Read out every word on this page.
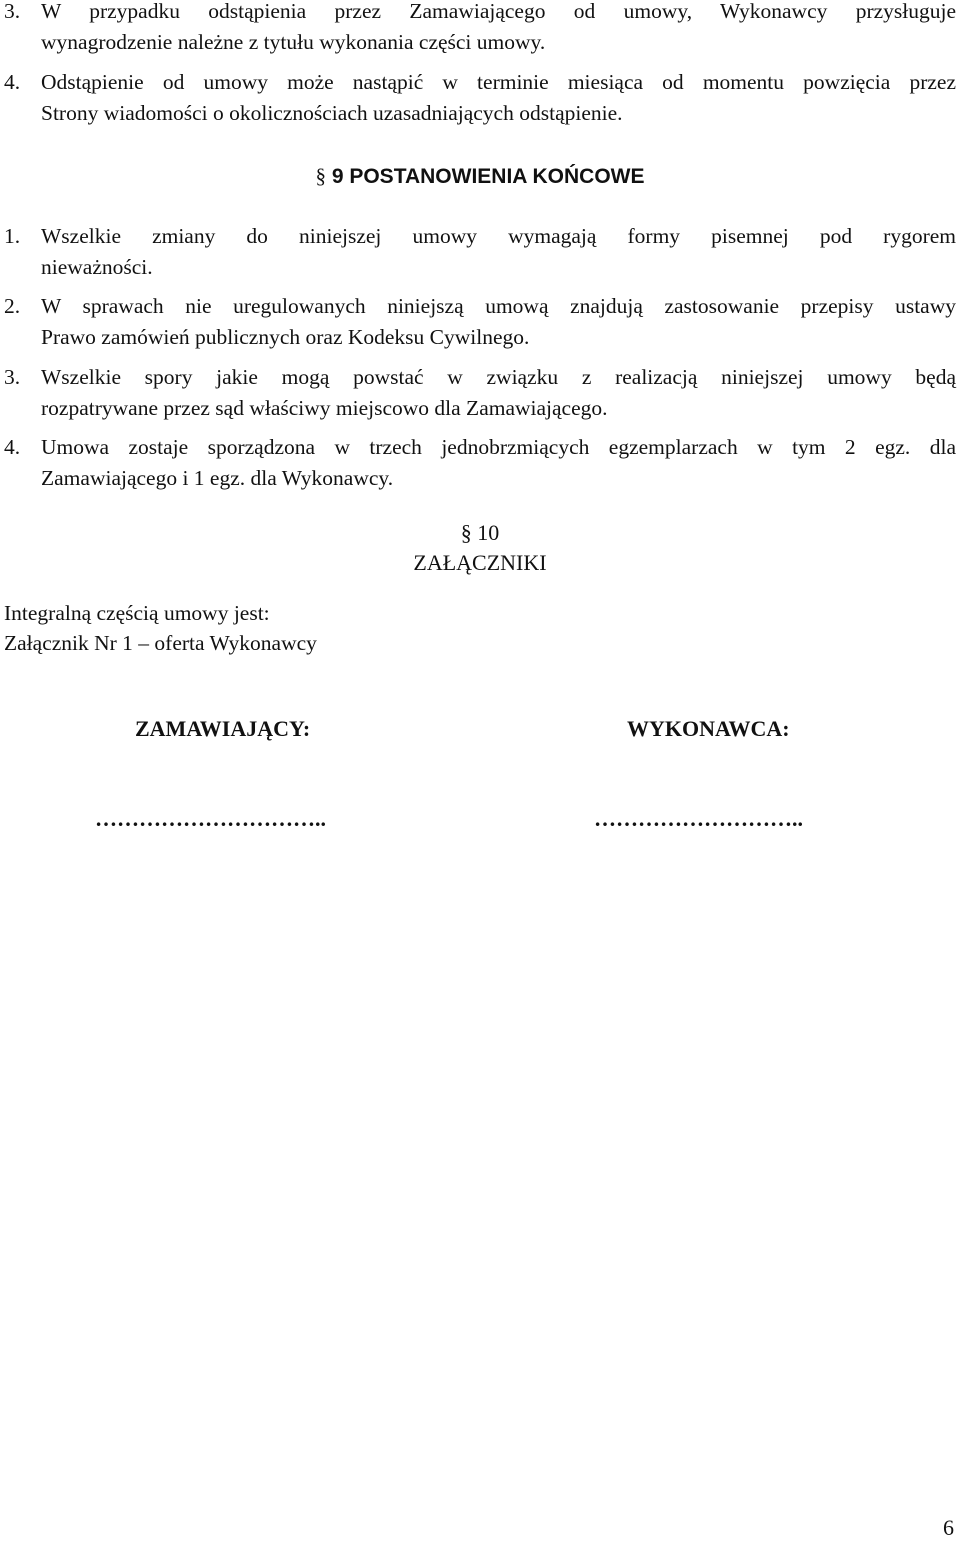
3. W przypadku odstąpienia przez Zamawiającego od umowy, Wykonawcy przysługuje
wynagrodzenie należne z tytułu wykonania części umowy.
4. Odstąpienie od umowy może nastąpić w terminie miesiąca od momentu powzięcia przez
Strony wiadomości o okolicznościach uzasadniających odstąpienie.
§ 9 POSTANOWIENIA KOŃCOWE
1. Wszelkie zmiany do niniejszej umowy wymagają formy pisemnej pod rygorem
nieważności.
2. W sprawach nie uregulowanych niniejszą umową znajdują zastosowanie przepisy ustawy
Prawo zamówień publicznych oraz Kodeksu Cywilnego.
3. Wszelkie spory jakie mogą powstać w związku z realizacją niniejszej umowy będą
rozpatrywane przez sąd właściwy miejscowo dla Zamawiającego.
4. Umowa zostaje sporządzona w trzech jednobrzmiących egzemplarzach w tym 2 egz. dla
Zamawiającego i 1 egz. dla Wykonawcy.
§ 10
ZAŁĄCZNIKI
Integralną częścią umowy jest:
Załącznik Nr 1 – oferta Wykonawcy
ZAMAWIAJĄCY:	WYKONAWCA:
…………………………..	………………………..
6
